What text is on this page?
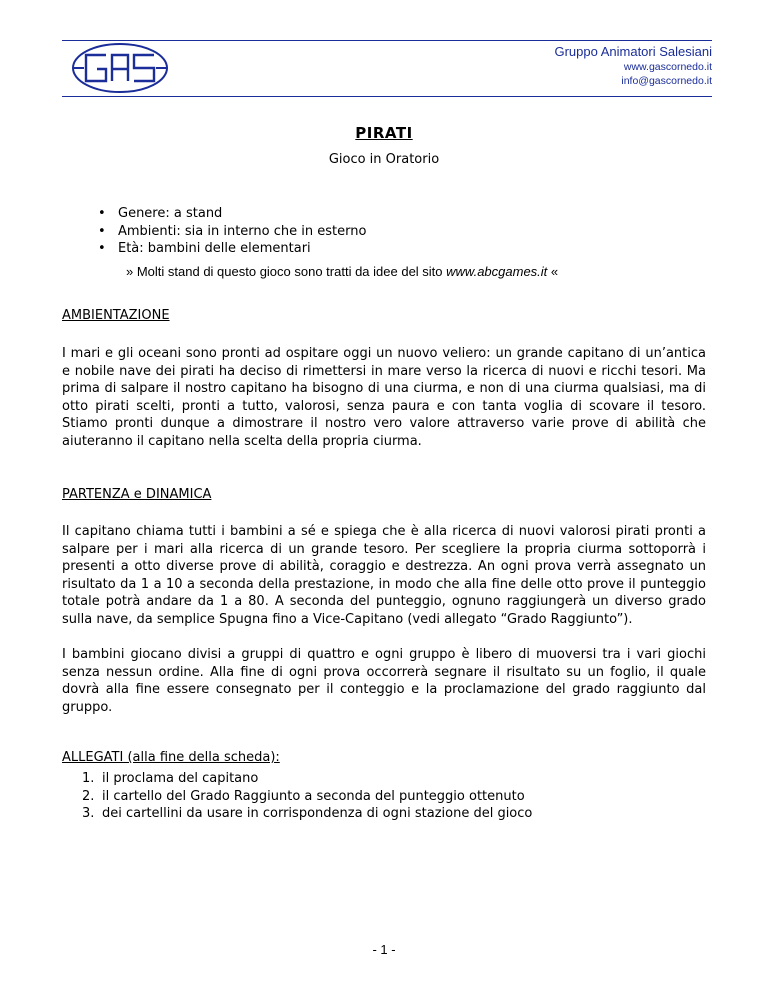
Gruppo Animatori Salesiani
www.gascornedo.it
info@gascornedo.it
PIRATI
Gioco in Oratorio
• Genere: a stand
• Ambienti: sia in interno che in esterno
• Età: bambini delle elementari
» Molti stand di questo gioco sono tratti da idee del sito www.abcgames.it «
AMBIENTAZIONE

I mari e gli oceani sono pronti ad ospitare oggi un nuovo veliero: un grande capitano di un’antica e nobile nave dei pirati ha deciso di rimettersi in mare verso la ricerca di nuovi e ricchi tesori. Ma prima di salpare il nostro capitano ha bisogno di una ciurma, e non di una ciurma qualsiasi, ma di otto pirati scelti, pronti a tutto, valorosi, senza paura e con tanta voglia di scovare il tesoro. Stiamo pronti dunque a dimostrare il nostro vero valore attraverso varie prove di abilità che aiuteranno il capitano nella scelta della propria ciurma.

PARTENZA e DINAMICA

Il capitano chiama tutti i bambini a sé e spiega che è alla ricerca di nuovi valorosi pirati pronti a salpare per i mari alla ricerca di un grande tesoro. Per scegliere la propria ciurma sottoporrà i presenti a otto diverse prove di abilità, coraggio e destrezza. An ogni prova verrà assegnato un risultato da 1 a 10 a seconda della prestazione, in modo che alla fine delle otto prove il punteggio totale potrà andare da 1 a 80. A seconda del punteggio, ognuno raggiungerà un diverso grado sulla nave, da semplice Spugna fino a Vice-Capitano (vedi allegato “Grado Raggiunto”).

I bambini giocano divisi a gruppi di quattro e ogni gruppo è libero di muoversi tra i vari giochi senza nessun ordine. Alla fine di ogni prova occorrerà segnare il risultato su un foglio, il quale dovrà alla fine essere consegnato per il conteggio e la proclamazione del grado raggiunto dal gruppo.

ALLEGATI (alla fine della scheda):
1. il proclama del capitano
2. il cartello del Grado Raggiunto a seconda del punteggio ottenuto
3. dei cartellini da usare in corrispondenza di ogni stazione del gioco
- 1 -
